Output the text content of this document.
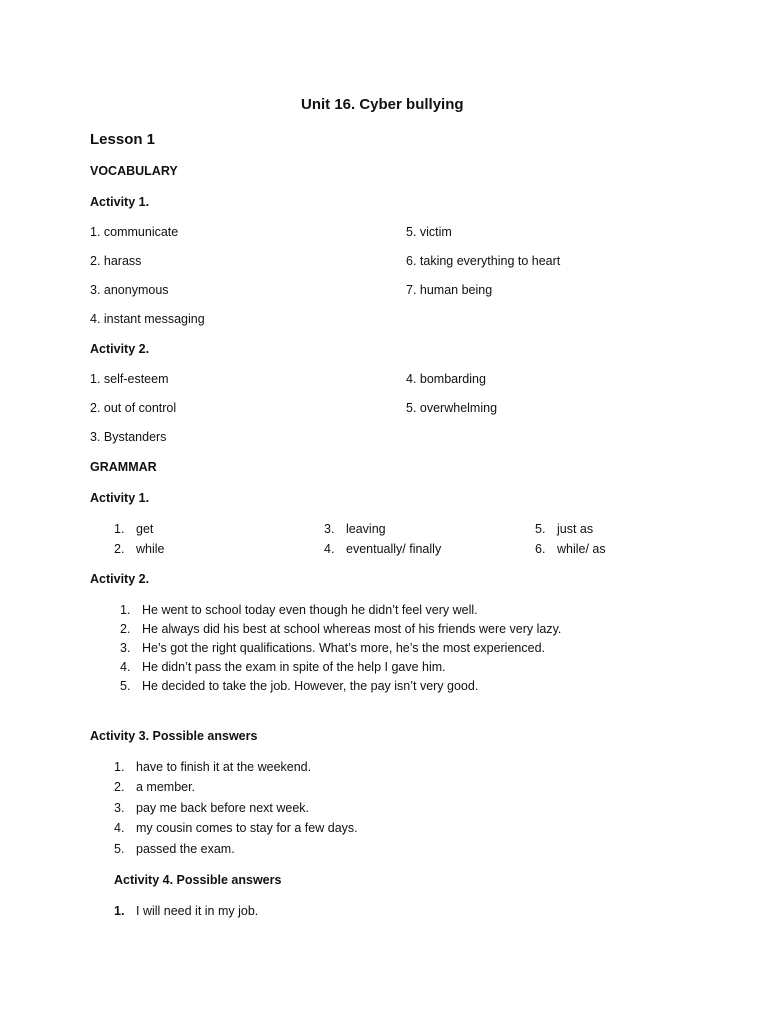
Unit 16. Cyber bullying
Lesson 1
VOCABULARY
Activity 1.
1. communicate
2. harass
3. anonymous
4. instant messaging
5. victim
6. taking everything to heart
7. human being
Activity 2.
1. self-esteem
2. out of control
3. Bystanders
4. bombarding
5. overwhelming
GRAMMAR
Activity 1.
1. get
2. while
3. leaving
4. eventually/ finally
5. just as
6. while/ as
Activity 2.
1. He went to school today even though he didn’t feel very well.
2. He always did his best at school whereas most of his friends were very lazy.
3. He’s got the right qualifications. What’s more, he’s the most experienced.
4. He didn’t pass the exam in spite of the help I gave him.
5. He decided to take the job. However, the pay isn’t very good.
Activity 3. Possible answers
1. have to finish it at the weekend.
2. a member.
3. pay me back before next week.
4. my cousin comes to stay for a few days.
5. passed the exam.
Activity 4. Possible answers
1. I will need it in my job.
